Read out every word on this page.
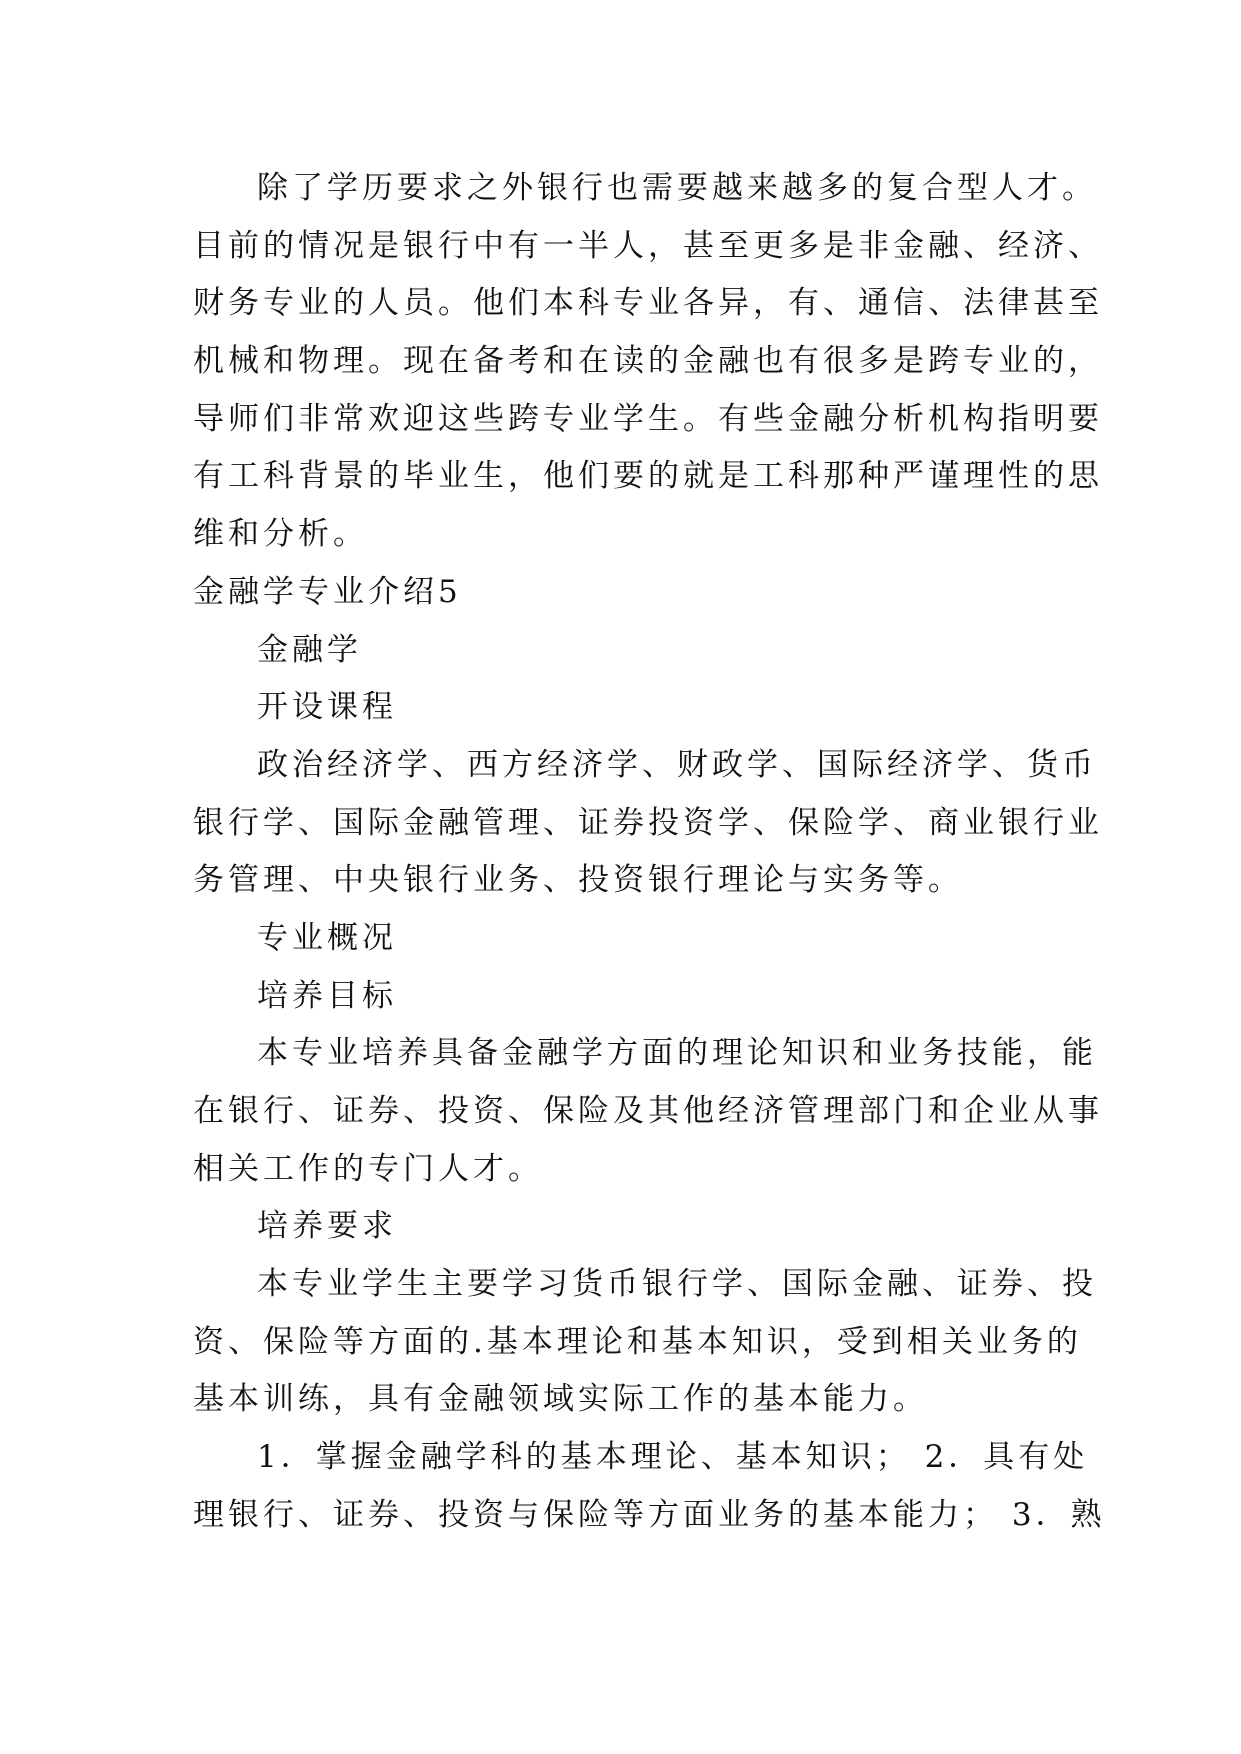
除了学历要求之外银行也需要越来越多的复合型人才。
目前的情况是银行中有一半人，甚至更多是非金融、经济、
财务专业的人员。他们本科专业各异，有、通信、法律甚至
机械和物理。现在备考和在读的金融也有很多是跨专业的，
导师们非常欢迎这些跨专业学生。有些金融分析机构指明要
有工科背景的毕业生，他们要的就是工科那种严谨理性的思
维和分析。
金融学专业介绍5
金融学
开设课程
政治经济学、西方经济学、财政学、国际经济学、货币
银行学、国际金融管理、证券投资学、保险学、商业银行业
务管理、中央银行业务、投资银行理论与实务等。
专业概况
培养目标
本专业培养具备金融学方面的理论知识和业务技能，能
在银行、证券、投资、保险及其他经济管理部门和企业从事
相关工作的专门人才。
培养要求
本专业学生主要学习货币银行学、国际金融、证券、投
资、保险等方面的.基本理论和基本知识，受到相关业务的
基本训练，具有金融领域实际工作的基本能力。
1．掌握金融学科的基本理论、基本知识； 2．具有处
理银行、证券、投资与保险等方面业务的基本能力； 3．熟
